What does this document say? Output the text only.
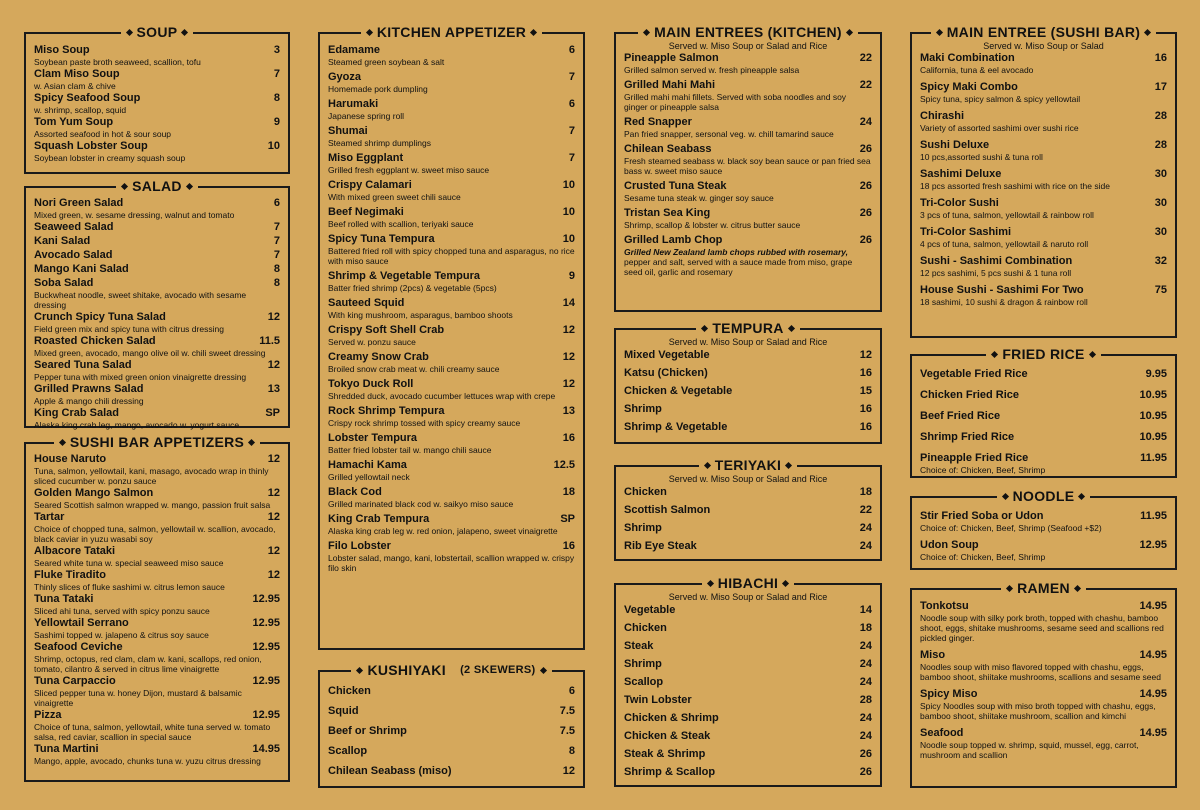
SOUP
Miso Soup	3
Soybean paste broth seaweed, scallion, tofu
Clam Miso Soup	7
w. Asian clam & chive
Spicy Seafood Soup	8
w. shrimp, scallop, squid
Tom Yum Soup	9
Assorted seafood in hot & sour soup
Squash Lobster Soup	10
Soybean lobster in creamy squash soup
SALAD
Nori Green Salad	6
Mixed green, w. sesame dressing, walnut and tomato
Seaweed Salad	7
Kani Salad	7
Avocado Salad	7
Mango Kani Salad	8
Soba Salad	8
Buckwheat noodle, sweet shitake, avocado with sesame dressing
Crunch Spicy Tuna Salad	12
Field green mix and spicy tuna with citrus dressing
Roasted Chicken Salad	11.5
Mixed green, avocado, mango olive oil w. chili sweet dressing
Seared Tuna Salad	12
Pepper tuna with mixed green onion vinaigrette dressing
Grilled Prawns Salad	13
Apple & mango chili dressing
King Crab Salad	SP
Alaska king crab leg, mango, avocado w. yogurt sauce
SUSHI BAR APPETIZERS
House Naruto	12
Tuna, salmon, yellowtail, kani, masago, avocado wrap in thinly sliced cucumber w. ponzu sauce
Golden Mango Salmon	12
Seared Scottish salmon wrapped w. mango, passion fruit salsa
Tartar	12
Choice of chopped tuna, salmon, yellowtail w. scallion, avocado, black caviar in yuzu wasabi soy
Albacore Tataki	12
Seared white tuna w. special seaweed miso sauce
Fluke Tiradito	12
Thinly slices of fluke sashimi w. citrus lemon sauce
Tuna Tataki	12.95
Sliced ahi tuna, served with spicy ponzu sauce
Yellowtail Serrano	12.95
Sashimi topped w. jalapeno & citrus soy sauce
Seafood Ceviche	12.95
Shrimp, octopus, red clam, clam w. kani, scallops, red onion, tomato, cilantro & served in citrus lime vinaigrette
Tuna Carpaccio	12.95
Sliced pepper tuna w. honey Dijon, mustard & balsamic vinaigrette
Pizza	12.95
Choice of tuna, salmon, yellowtail, white tuna served w. tomato salsa, red caviar, scallion in special sauce
Tuna Martini	14.95
Mango, apple, avocado, chunks tuna w. yuzu citrus dressing
KITCHEN APPETIZER
Edamame	6
Steamed green soybean & salt
Gyoza	7
Homemade pork dumpling
Harumaki	6
Japanese spring roll
Shumai	7
Steamed shrimp dumplings
Miso Eggplant	7
Grilled fresh eggplant w. sweet miso sauce
Crispy Calamari	10
With mixed green sweet chili sauce
Beef Negimaki	10
Beef rolled with scallion, teriyaki sauce
Spicy Tuna Tempura	10
Battered fried roll with spicy chopped tuna and asparagus, no rice with miso sauce
Shrimp & Vegetable Tempura	9
Batter fried shrimp (2pcs) & vegetable (5pcs)
Sauteed Squid	14
With king mushroom, asparagus, bamboo shoots
Crispy Soft Shell Crab	12
Served w. ponzu sauce
Creamy Snow Crab	12
Broiled snow crab meat w. chili creamy sauce
Tokyo Duck Roll	12
Shredded duck, avocado cucumber lettuces wrap with crepe
Rock Shrimp Tempura	13
Crispy rock shrimp tossed with spicy creamy sauce
Lobster Tempura	16
Batter fried lobster tail w. mango chili sauce
Hamachi Kama	12.5
Grilled yellowtail neck
Black Cod	18
Grilled marinated black cod w. saikyo miso sauce
King Crab Tempura	SP
Alaska king crab leg w. red onion, jalapeno, sweet vinaigrette
Filo Lobster	16
Lobster salad, mango, kani, lobstertail, scallion wrapped w. crispy filo skin
KUSHIYAKI
(2 SKEWERS)
Chicken	6
Squid	7.5
Beef or Shrimp	7.5
Scallop	8
Chilean Seabass (miso)	12
MAIN ENTREES (KITCHEN)
Served w. Miso Soup or Salad and Rice
Pineapple Salmon	22
Grilled salmon served w. fresh pineapple salsa
Grilled Mahi Mahi	22
Grilled mahi mahi fillets. Served with soba noodles and soy ginger or pineapple salsa
Red Snapper	24
Pan fried snapper, sersonal veg. w. chill tamarind sauce
Chilean Seabass	26
Fresh steamed seabass w. black soy bean sauce or pan fried sea bass w. sweet miso sauce
Crusted Tuna Steak	26
Sesame tuna steak w. ginger soy sauce
Tristan Sea King	26
Shrimp, scallop & lobster w. citrus butter sauce
Grilled Lamb Chop	26
Grilled New Zealand lamb chops rubbed with rosemary,
pepper and salt, served with a sauce made from miso, grape seed oil, garlic and rosemary
TEMPURA
Served w. Miso Soup or Salad and Rice
Mixed Vegetable	12
Katsu (Chicken)	16
Chicken & Vegetable	15
Shrimp	16
Shrimp & Vegetable	16
TERIYAKI
Served w. Miso Soup or Salad and Rice
Chicken	18
Scottish Salmon	22
Shrimp	24
Rib Eye Steak	24
HIBACHI
Served w. Miso Soup or Salad and Rice
Vegetable	14
Chicken	18
Steak	24
Shrimp	24
Scallop	24
Twin Lobster	28
Chicken & Shrimp	24
Chicken & Steak	24
Steak & Shrimp	26
Shrimp & Scallop	26
MAIN ENTREE (SUSHI BAR)
Served w. Miso Soup or Salad
Maki Combination	16
California, tuna & eel avocado
Spicy Maki Combo	17
Spicy tuna, spicy salmon & spicy yellowtail
Chirashi	28
Variety of assorted sashimi over sushi rice
Sushi Deluxe	28
10 pcs,assorted sushi & tuna roll
Sashimi Deluxe	30
18 pcs assorted fresh sashimi with rice on the side
Tri-Color Sushi	30
3 pcs of tuna, salmon, yellowtail & rainbow roll
Tri-Color Sashimi	30
4 pcs of tuna, salmon, yellowtail & naruto roll
Sushi - Sashimi Combination	32
12 pcs sashimi, 5 pcs sushi & 1 tuna roll
House Sushi - Sashimi For Two	75
18 sashimi, 10 sushi & dragon & rainbow roll
FRIED RICE
Vegetable Fried Rice	9.95
Chicken Fried Rice	10.95
Beef Fried Rice	10.95
Shrimp Fried Rice	10.95
Pineapple Fried Rice	11.95
Choice of: Chicken, Beef, Shrimp
NOODLE
Stir Fried Soba or Udon	11.95
Choice of: Chicken, Beef, Shrimp (Seafood +$2)
Udon Soup	12.95
Choice of: Chicken, Beef, Shrimp
RAMEN
Tonkotsu	14.95
Noodle soup with silky pork broth, topped with chashu, bamboo shoot, eggs, shitake mushrooms, sesame seed and scallions red pickled ginger.
Miso	14.95
Noodles soup with miso flavored topped with chashu, eggs, bamboo shoot, shiitake mushrooms, scallions and sesame seed
Spicy Miso	14.95
Spicy Noodles soup with miso broth topped with chashu, eggs, bamboo shoot, shiitake mushroom, scallion and kimchi
Seafood	14.95
Noodle soup topped w. shrimp, squid, mussel, egg, carrot, mushroom and scallion
